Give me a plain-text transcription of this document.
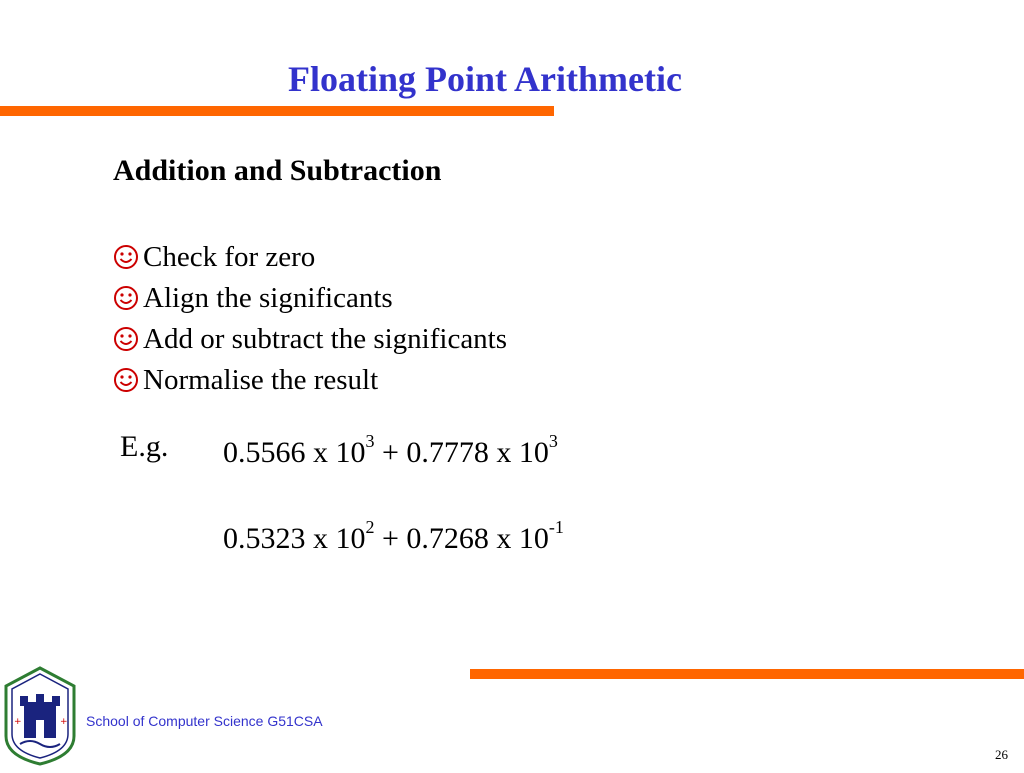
Floating Point Arithmetic
Addition and Subtraction
Check for zero
Align the significants
Add or subtract the significants
Normalise the result
E.g. 0.5566 x $10^3 + 0.7778$ x $10^3$
0.5323 x $10^2 + 0.7268$ x $10^{-1}$
+	+ School of Computer Science G51CSA
26
